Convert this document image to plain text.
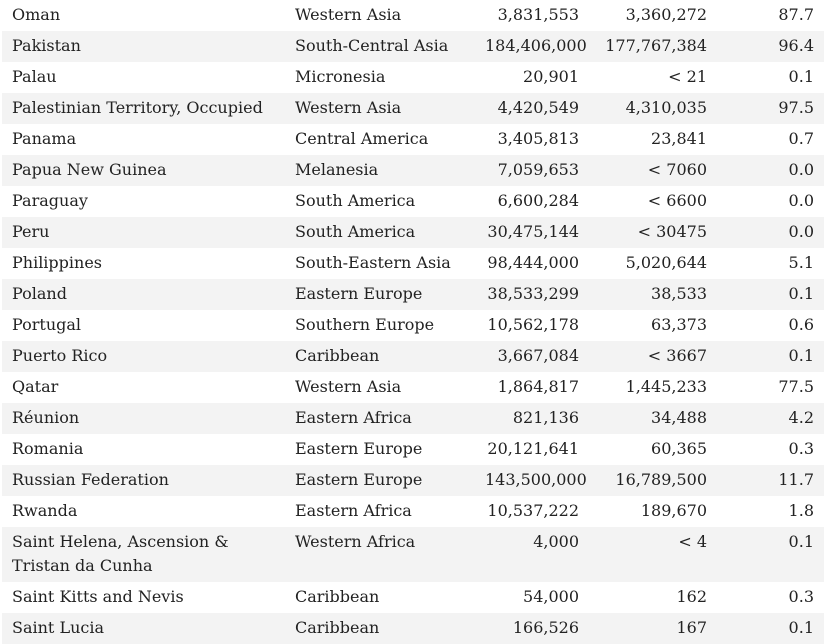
Oman	Western Asia	3,831,553	3,360,272	87.7
Pakistan	South-Central Asia	184,406,000	177,767,384	96.4
Palau	Micronesia	20,901	< 21	0.1
Palestinian Territory, Occupied	Western Asia	4,420,549	4,310,035	97.5
Panama	Central America	3,405,813	23,841	0.7
Papua New Guinea	Melanesia	7,059,653	< 7060	0.0
Paraguay	South America	6,600,284	< 6600	0.0
Peru	South America	30,475,144	< 30475	0.0
Philippines	South-Eastern Asia	98,444,000	5,020,644	5.1
Poland	Eastern Europe	38,533,299	38,533	0.1
Portugal	Southern Europe	10,562,178	63,373	0.6
Puerto Rico	Caribbean	3,667,084	< 3667	0.1
Qatar	Western Asia	1,864,817	1,445,233	77.5
Réunion	Eastern Africa	821,136	34,488	4.2
Romania	Eastern Europe	20,121,641	60,365	0.3
Russian Federation	Eastern Europe	143,500,000	16,789,500	11.7
Rwanda	Eastern Africa	10,537,222	189,670	1.8
Saint Helena, Ascension & Tristan da Cunha	Western Africa	4,000	< 4	0.1
Saint Kitts and Nevis	Caribbean	54,000	162	0.3
Saint Lucia	Caribbean	166,526	167	0.1
